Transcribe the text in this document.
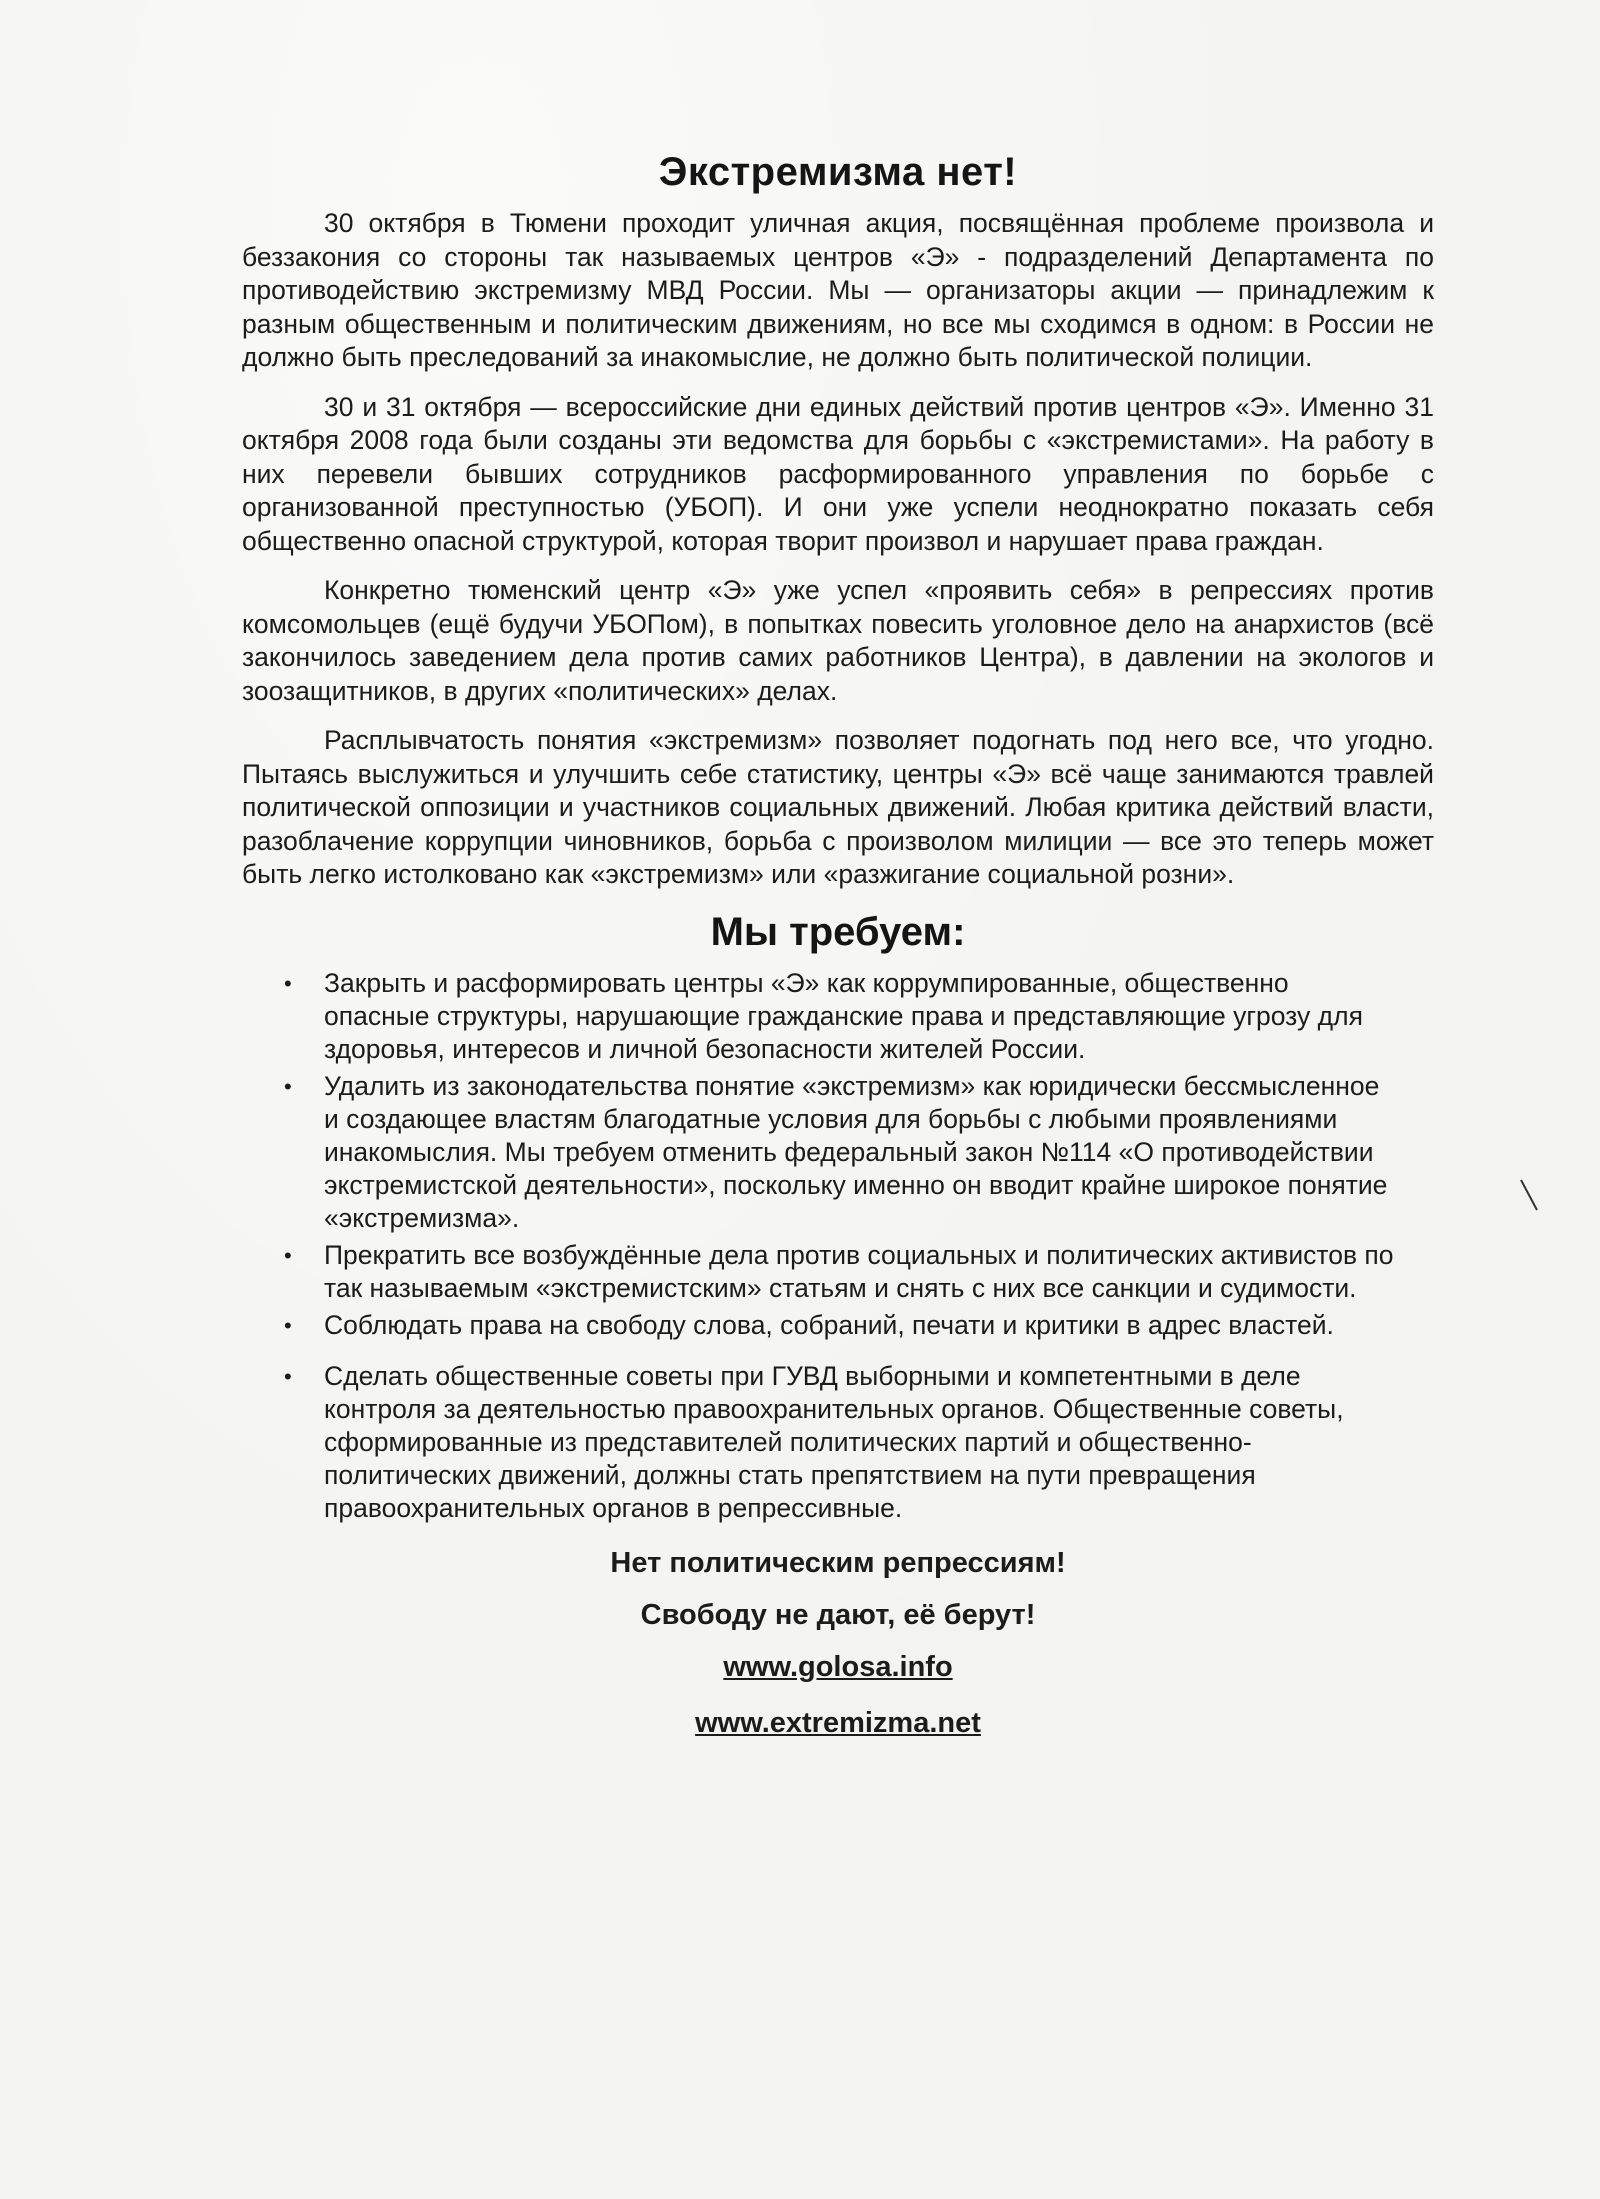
Экстремизма нет!

30 октября в Тюмени проходит уличная акция, посвящённая проблеме произвола и беззакония со стороны так называемых центров «Э» - подразделений Департамента по противодействию экстремизму МВД России. Мы — организаторы акции — принадлежим к разным общественным и политическим движениям, но все мы сходимся в одном: в России не должно быть преследований за инакомыслие, не должно быть политической полиции.

30 и 31 октября — всероссийские дни единых действий против центров «Э». Именно 31 октября 2008 года были созданы эти ведомства для борьбы с «экстремистами». На работу в них перевели бывших сотрудников расформированного управления по борьбе с организованной преступностью (УБОП). И они уже успели неоднократно показать себя общественно опасной структурой, которая творит произвол и нарушает права граждан.

Конкретно тюменский центр «Э» уже успел «проявить себя» в репрессиях против комсомольцев (ещё будучи УБОПом), в попытках повесить уголовное дело на анархистов (всё закончилось заведением дела против самих работников Центра), в давлении на экологов и зоозащитников, в других «политических» делах.

Расплывчатость понятия «экстремизм» позволяет подогнать под него все, что угодно. Пытаясь выслужиться и улучшить себе статистику, центры «Э» всё чаще занимаются травлей политической оппозиции и участников социальных движений. Любая критика действий власти, разоблачение коррупции чиновников, борьба с произволом милиции — все это теперь может быть легко истолковано как «экстремизм» или «разжигание социальной розни».

Мы требуем:
• Закрыть и расформировать центры «Э» как коррумпированные, общественно опасные структуры, нарушающие гражданские права и представляющие угрозу для здоровья, интересов и личной безопасности жителей России.
• Удалить из законодательства понятие «экстремизм» как юридически бессмысленное и создающее властям благодатные условия для борьбы с любыми проявлениями инакомыслия. Мы требуем отменить федеральный закон №114 «О противодействии экстремистской деятельности», поскольку именно он вводит крайне широкое понятие «экстремизма».
• Прекратить все возбуждённые дела против социальных и политических активистов по так называемым «экстремистским» статьям и снять с них все санкции и судимости.
• Соблюдать права на свободу слова, собраний, печати и критики в адрес властей.
• Сделать общественные советы при ГУВД выборными и компетентными в деле контроля за деятельностью правоохранительных органов. Общественные советы, сформированные из представителей политических партий и общественно-политических движений, должны стать препятствием на пути превращения правоохранительных органов в репрессивные.

Нет политическим репрессиям!

Свободу не дают, её берут!

www.golosa.info
www.extremizma.net
